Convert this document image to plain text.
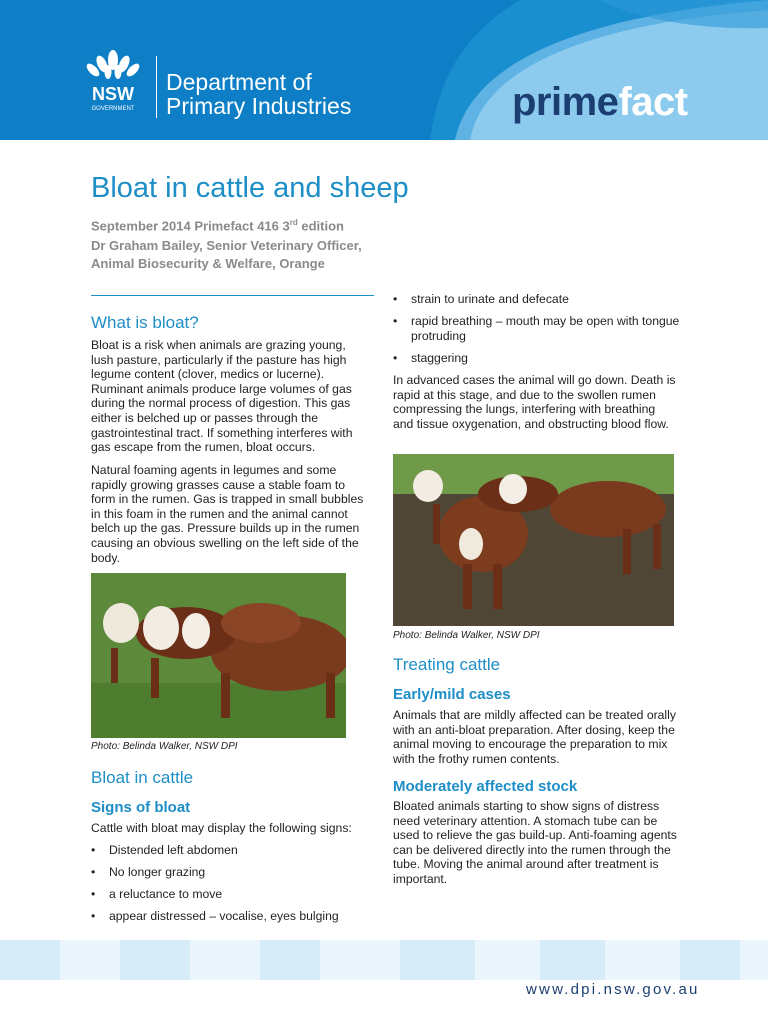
NSW
GOVERNMENT
Department of
Primary Industries	primefact
Bloat in cattle and sheep
September 2014 Primefact 416 3rd edition
Dr Graham Bailey, Senior Veterinary Officer,
Animal Biosecurity & Welfare, Orange
What is bloat?
Bloat is a risk when animals are grazing young, lush pasture, particularly if the pasture has high legume content (clover, medics or lucerne). Ruminant animals produce large volumes of gas during the normal process of digestion. This gas either is belched up or passes through the gastrointestinal tract. If something interferes with gas escape from the rumen, bloat occurs.
Natural foaming agents in legumes and some rapidly growing grasses cause a stable foam to form in the rumen. Gas is trapped in small bubbles in this foam in the rumen and the animal cannot belch up the gas. Pressure builds up in the rumen causing an obvious swelling on the left side of the body.
Photo: Belinda Walker, NSW DPI
Bloat in cattle
Signs of bloat
Cattle with bloat may display the following signs:
• Distended left abdomen
• No longer grazing
• a reluctance to move
• appear distressed – vocalise, eyes bulging
• strain to urinate and defecate
• rapid breathing – mouth may be open with tongue protruding
• staggering
In advanced cases the animal will go down. Death is rapid at this stage, and due to the swollen rumen compressing the lungs, interfering with breathing and tissue oxygenation, and obstructing blood flow.
Photo: Belinda Walker, NSW DPI
Treating cattle
Early/mild cases
Animals that are mildly affected can be treated orally with an anti-bloat preparation. After dosing, keep the animal moving to encourage the preparation to mix with the frothy rumen contents.
Moderately affected stock
Bloated animals starting to show signs of distress need veterinary attention. A stomach tube can be used to relieve the gas build-up. Anti-foaming agents can be delivered directly into the rumen through the tube. Moving the animal around after treatment is important.
www.dpi.nsw.gov.au
